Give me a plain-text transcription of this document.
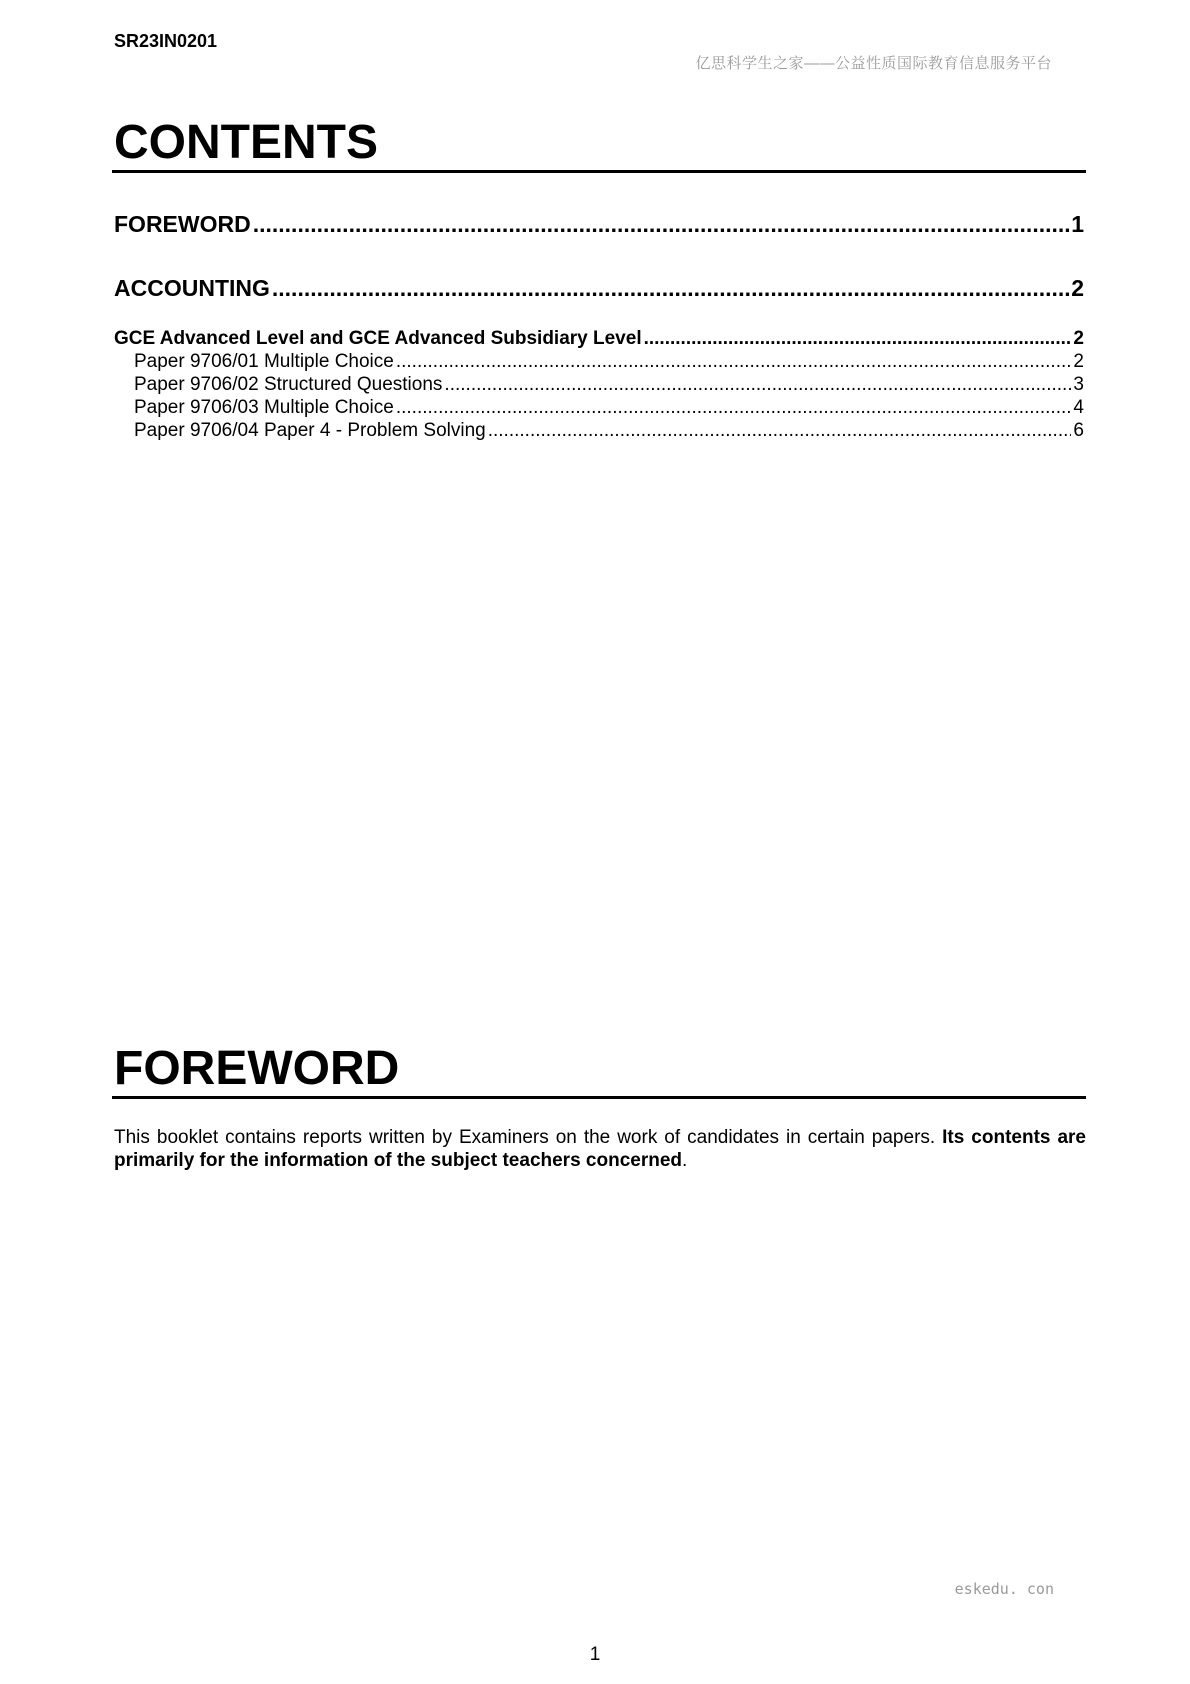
SR23IN0201
亿思科学生之家——公益性质国际教育信息服务平台
CONTENTS
FOREWORD .....	1
ACCOUNTING .....	2
GCE Advanced Level and GCE Advanced Subsidiary Level .....	2
Paper 9706/01 Multiple Choice .....	2
Paper 9706/02 Structured Questions .....	3
Paper 9706/03 Multiple Choice .....	4
Paper 9706/04 Paper 4 - Problem Solving .....	6
FOREWORD

This booklet contains reports written by Examiners on the work of candidates in certain papers. Its contents are primarily for the information of the subject teachers concerned.

eskedu. con
1
